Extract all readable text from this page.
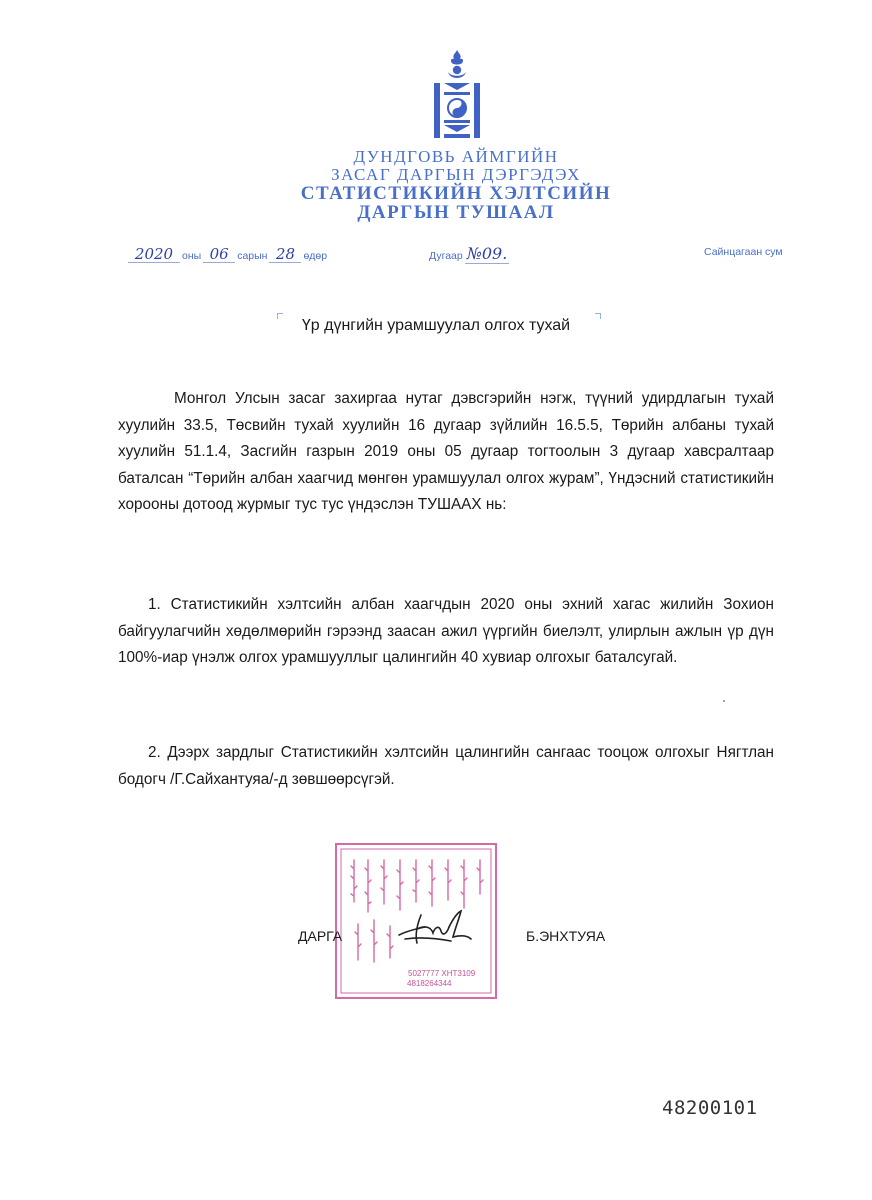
ДУНДГОВЬ АЙМГИЙН
ЗАСАГ ДАРГЫН ДЭРГЭДЭХ
СТАТИСТИКИЙН ХЭЛТСИЙН
ДАРГЫН ТУШААЛ
2020 оны 06 сарын 28 өдөр	Дугаар №09.	Сайнцагаан сум
Үр дүнгийн урамшуулал олгох тухай
Монгол Улсын засаг захиргаа нутаг дэвсгэрийн нэгж, түүний удирдлагын тухай хуулийн 33.5, Төсвийн тухай хуулийн 16 дугаар зүйлийн 16.5.5, Төрийн албаны тухай хуулийн 51.1.4, Засгийн газрын 2019 оны 05 дугаар тогтоолын 3 дугаар хавсралтаар баталсан “Төрийн албан хаагчид мөнгөн урамшуулал олгох журам”, Үндэсний статистикийн хорооны дотоод журмыг тус тус үндэслэн ТУШААХ нь:
1. Статистикийн хэлтсийн албан хаагчдын 2020 оны эхний хагас жилийн Зохион байгуулагчийн хөдөлмөрийн гэрээнд заасан ажил үүргийн биелэлт, улирлын ажлын үр дүн 100%-иар үнэлж олгох урамшууллыг цалингийн 40 хувиар олгохыг баталсугай.
2. Дээрх зардлыг Статистикийн хэлтсийн цалингийн сангаас тооцож олгохыг Нягтлан бодогч /Г.Сайхантуяа/-д зөвшөөрсүгэй.
5027777 ХНТ3109
4818264344
ДАРГА	Б.ЭНХТУЯА
48200101
